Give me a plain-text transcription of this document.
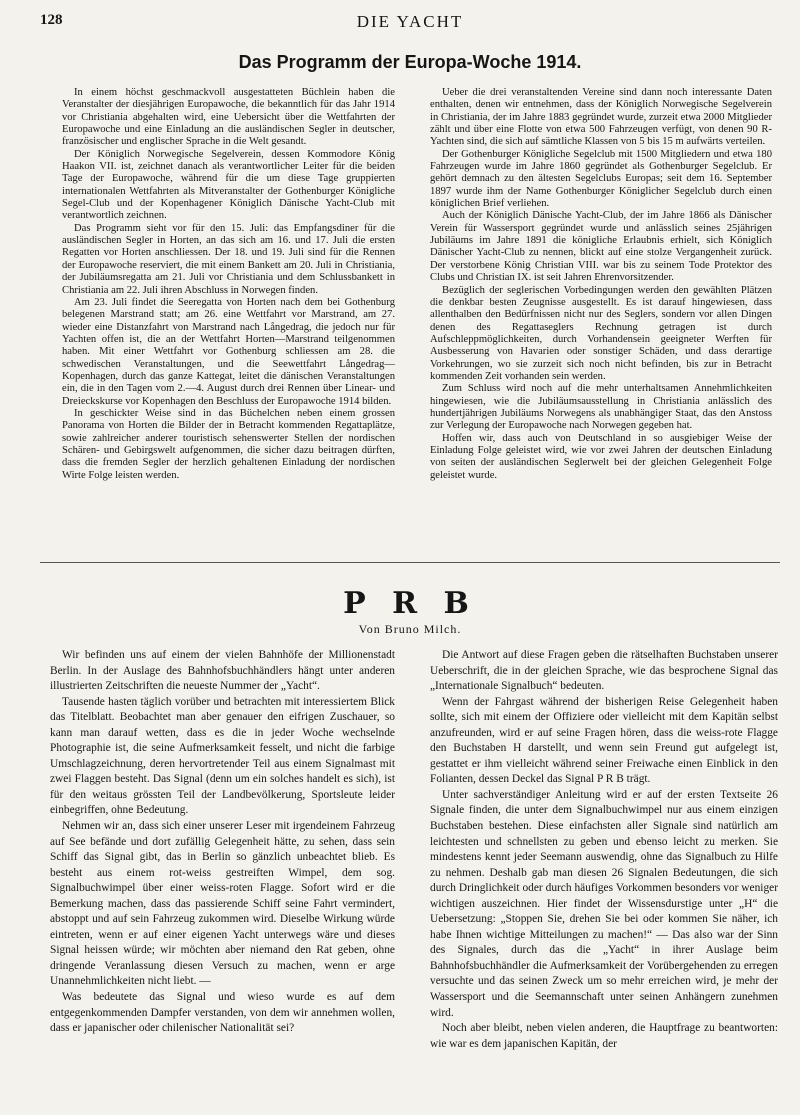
128	DIE YACHT
Das Programm der Europa-Woche 1914.

In einem höchst geschmackvoll ausgestatteten Büchlein haben die Veranstalter der diesjährigen Europawoche, die bekanntlich für das Jahr 1914 vor Christiania abgehalten wird, eine Uebersicht über die Wettfahrten der Europawoche und eine Einladung an die ausländischen Segler in deutscher, französischer und englischer Sprache in die Welt gesandt.

Der Königlich Norwegische Segelverein, dessen Kommodore König Haakon VII. ist, zeichnet danach als verantwortlicher Leiter für die beiden Tage der Europawoche, während für die um diese Tage gruppierten internationalen Wettfahrten als Mitveranstalter der Gothenburger Königliche Segel-Club und der Kopenhagener Königlich Dänische Yacht-Club mit verantwortlich zeichnen.

Das Programm sieht vor für den 15. Juli: das Empfangsdiner für die ausländischen Segler in Horten, an das sich am 16. und 17. Juli die ersten Regatten vor Horten anschliessen. Der 18. und 19. Juli sind für die Rennen der Europawoche reserviert, die mit einem Bankett am 20. Juli in Christiania, der Jubiläumsregatta am 21. Juli vor Christiania und dem Schlussbankett in Christiania am 22. Juli ihren Abschluss in Norwegen finden.

Am 23. Juli findet die Seeregatta von Horten nach dem bei Gothenburg belegenen Marstrand statt; am 26. eine Wettfahrt vor Marstrand, am 27. wieder eine Distanzfahrt von Marstrand nach Långedrag, die jedoch nur für Yachten offen ist, die an der Wettfahrt Horten—Marstrand teilgenommen haben. Mit einer Wettfahrt vor Gothenburg schliessen am 28. die schwedischen Veranstaltungen, und die Seewettfahrt Långedrag—Kopenhagen, durch das ganze Kattegat, leitet die dänischen Veranstaltungen ein, die in den Tagen vom 2.—4. August durch drei Rennen über Linear- und Dreieckskurse vor Kopenhagen den Beschluss der Europawoche 1914 bilden.

In geschickter Weise sind in das Büchelchen neben einem grossen Panorama von Horten die Bilder der in Betracht kommenden Regattaplätze, sowie zahlreicher anderer touristisch sehenswerter Stellen der nordischen Schären- und Gebirgswelt aufgenommen, die sicher dazu beitragen dürften, dass die fremden Segler der herzlich gehaltenen Einladung der nordischen Wirte Folge leisten werden.

Ueber die drei veranstaltenden Vereine sind dann noch interessante Daten enthalten, denen wir entnehmen, dass der Königlich Norwegische Segelverein in Christiania, der im Jahre 1883 gegründet wurde, zurzeit etwa 2000 Mitglieder zählt und über eine Flotte von etwa 500 Fahrzeugen verfügt, von denen 90 R-Yachten sind, die sich auf sämtliche Klassen von 5 bis 15 m aufwärts verteilen.

Der Gothenburger Königliche Segelclub mit 1500 Mitgliedern und etwa 180 Fahrzeugen wurde im Jahre 1860 gegründet als Gothenburger Segelclub. Er gehört demnach zu den ältesten Segelclubs Europas; seit dem 16. September 1897 wurde ihm der Name Gothenburger Königlicher Segelclub durch einen königlichen Brief verliehen.

Auch der Königlich Dänische Yacht-Club, der im Jahre 1866 als Dänischer Verein für Wassersport gegründet wurde und anlässlich seines 25jährigen Jubiläums im Jahre 1891 die königliche Erlaubnis erhielt, sich Königlich Dänischer Yacht-Club zu nennen, blickt auf eine stolze Vergangenheit zurück. Der verstorbene König Christian VIII. war bis zu seinem Tode Protektor des Clubs und Christian IX. ist seit Jahren Ehrenvorsitzender.

Bezüglich der seglerischen Vorbedingungen werden den gewählten Plätzen die denkbar besten Zeugnisse ausgestellt. Es ist darauf hingewiesen, dass allenthalben den Bedürfnissen nicht nur des Seglers, sondern vor allen Dingen denen des Regattaseglers Rechnung getragen ist durch Aufschleppmöglichkeiten, durch Vorhandensein geeigneter Werften für Ausbesserung von Havarien oder sonstiger Schäden, und dass derartige Vorkehrungen, wo sie zurzeit sich noch nicht befinden, bis zur in Betracht kommenden Zeit vorhanden sein werden.

Zum Schluss wird noch auf die mehr unterhaltsamen Annehmlichkeiten hingewiesen, wie die Jubiläumsausstellung in Christiania anlässlich des hundertjährigen Jubiläums Norwegens als unabhängiger Staat, das den Anstoss zur Verlegung der Europawoche nach Norwegen gegeben hat.

Hoffen wir, dass auch von Deutschland in so ausgiebiger Weise der Einladung Folge geleistet wird, wie vor zwei Jahren der deutschen Einladung von seiten der ausländischen Seglerwelt bei der gleichen Gelegenheit Folge geleistet wurde.

P R B
Von Bruno Milch.

Wir befinden uns auf einem der vielen Bahnhöfe der Millionenstadt Berlin. In der Auslage des Bahnhofsbuchhändlers hängt unter anderen illustrierten Zeitschriften die neueste Nummer der „Yacht“.

Tausende hasten täglich vorüber und betrachten mit interessiertem Blick das Titelblatt. Beobachtet man aber genauer den eifrigen Zuschauer, so kann man darauf wetten, dass es die in jeder Woche wechselnde Photographie ist, die seine Aufmerksamkeit fesselt, und nicht die farbige Umschlagzeichnung, deren hervortretender Teil aus einem Signalmast mit zwei Flaggen besteht. Das Signal (denn um ein solches handelt es sich), ist für den weitaus grössten Teil der Landbevölkerung, Sportsleute leider einbegriffen, ohne Bedeutung.

Nehmen wir an, dass sich einer unserer Leser mit irgendeinem Fahrzeug auf See befände und dort zufällig Gelegenheit hätte, zu sehen, dass sein Schiff das Signal gibt, das in Berlin so gänzlich unbeachtet blieb. Es besteht aus einem rot-weiss gestreiften Wimpel, dem sog. Signalbuchwimpel über einer weiss-roten Flagge. Sofort wird er die Bemerkung machen, dass das passierende Schiff seine Fahrt vermindert, abstoppt und auf sein Fahrzeug zukommen wird. Dieselbe Wirkung würde eintreten, wenn er auf einer eigenen Yacht unterwegs wäre und dieses Signal heissen würde; wir möchten aber niemand den Rat geben, ohne dringende Veranlassung diesen Versuch zu machen, wenn er arge Unannehmlichkeiten nicht liebt. —

Was bedeutete das Signal und wieso wurde es auf dem entgegenkommenden Dampfer verstanden, von dem wir annehmen wollen, dass er japanischer oder chilenischer Nationalität sei?

Die Antwort auf diese Fragen geben die rätselhaften Buchstaben unserer Ueberschrift, die in der gleichen Sprache, wie das besprochene Signal das „Internationale Signalbuch“ bedeuten.

Wenn der Fahrgast während der bisherigen Reise Gelegenheit haben sollte, sich mit einem der Offiziere oder vielleicht mit dem Kapitän selbst anzufreunden, wird er auf seine Fragen hören, dass die weiss-rote Flagge den Buchstaben H darstellt, und wenn sein Freund gut aufgelegt ist, gestattet er ihm vielleicht während seiner Freiwache einen Einblick in den Folianten, dessen Deckel das Signal P R B trägt.

Unter sachverständiger Anleitung wird er auf der ersten Textseite 26 Signale finden, die unter dem Signalbuchwimpel nur aus einem einzigen Buchstaben bestehen. Diese einfachsten aller Signale sind natürlich am leichtesten und schnellsten zu geben und ebenso leicht zu merken. Sie mindestens kennt jeder Seemann auswendig, ohne das Signalbuch zu Hilfe zu nehmen. Deshalb gab man diesen 26 Signalen Bedeutungen, die sich durch Dringlichkeit oder durch häufiges Vorkommen besonders vor weniger wichtigen auszeichnen. Hier findet der Wissensdurstige unter „H“ die Uebersetzung: „Stoppen Sie, drehen Sie bei oder kommen Sie näher, ich habe Ihnen wichtige Mitteilungen zu machen!“ — Das also war der Sinn des Signales, durch das die „Yacht“ in ihrer Auslage beim Bahnhofsbuchhändler die Aufmerksamkeit der Vorübergehenden zu erregen versuchte und das seinen Zweck um so mehr erreichen wird, je mehr der Wassersport und die Seemannschaft unter seinen Anhängern zunehmen wird.

Noch aber bleibt, neben vielen anderen, die Hauptfrage zu beantworten: wie war es dem japanischen Kapitän, der
